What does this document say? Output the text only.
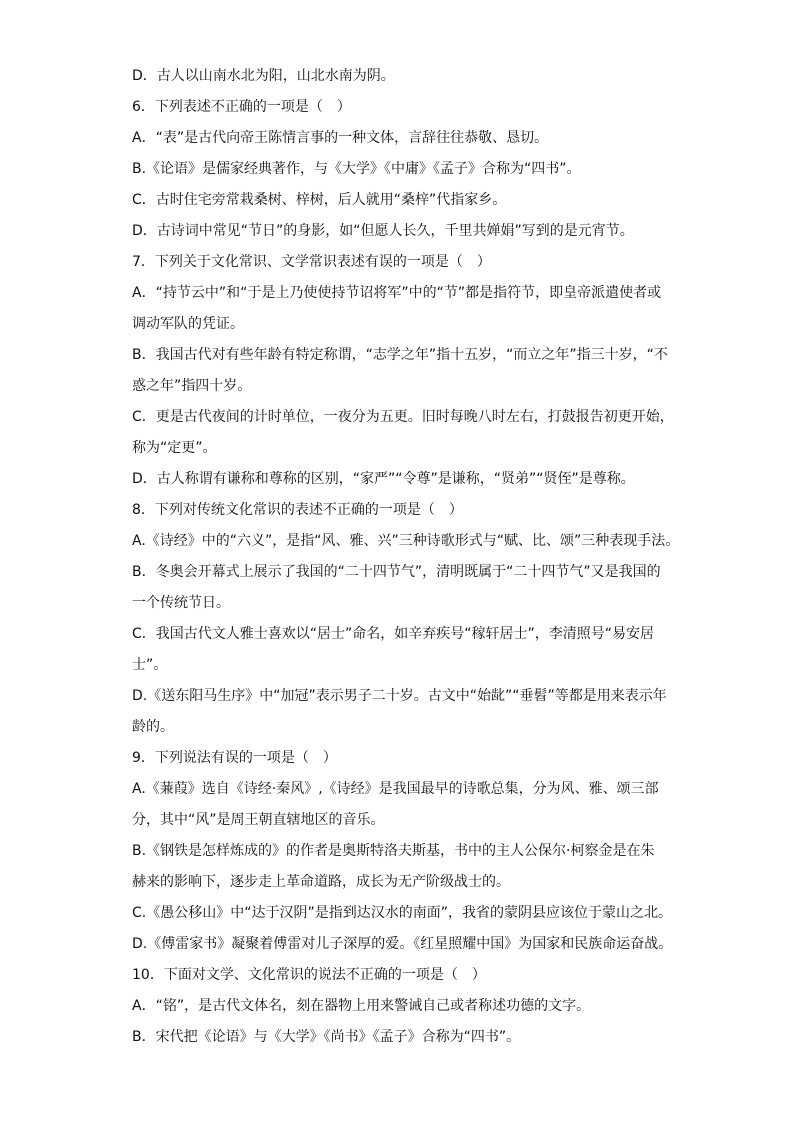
D．古人以山南水北为阳，山北水南为阴。
6．下列表述不正确的一项是（　）
A．“表”是古代向帝王陈情言事的一种文体，言辞往往恭敬、恳切。
B.《论语》是儒家经典著作，与《大学》《中庸》《孟子》合称为“四书”。
C．古时住宅旁常栽桑树、梓树，后人就用“桑梓”代指家乡。
D．古诗词中常见“节日”的身影，如“但愿人长久，千里共婵娟”写到的是元宵节。
7．下列关于文化常识、文学常识表述有误的一项是（　）
A．“持节云中”和“于是上乃使使持节诏将军”中的“节”都是指符节，即皇帝派遣使者或
调动军队的凭证。
B．我国古代对有些年龄有特定称谓，“志学之年”指十五岁，“而立之年”指三十岁，“不
惑之年”指四十岁。
C．更是古代夜间的计时单位，一夜分为五更。旧时每晚八时左右，打鼓报告初更开始，
称为“定更”。
D．古人称谓有谦称和尊称的区别，“家严”“令尊”是谦称，“贤弟”“贤侄”是尊称。
8．下列对传统文化常识的表述不正确的一项是（　）
A.《诗经》中的“六义”，是指“风、雅、兴”三种诗歌形式与“赋、比、颂”三种表现手法。
B．冬奥会开幕式上展示了我国的“二十四节气”，清明既属于“二十四节气”又是我国的
一个传统节日。
C．我国古代文人雅士喜欢以“居士”命名，如辛弃疾号“稼轩居士”，李清照号“易安居
士”。
D.《送东阳马生序》中“加冠”表示男子二十岁。古文中“始龀”“垂髫”等都是用来表示年
龄的。
9．下列说法有误的一项是（　）
A.《蒹葭》选自《诗经·秦风》,《诗经》是我国最早的诗歌总集，分为风、雅、颂三部
分，其中“风”是周王朝直辖地区的音乐。
B.《钢铁是怎样炼成的》的作者是奥斯特洛夫斯基，书中的主人公保尔·柯察金是在朱
赫来的影响下，逐步走上革命道路，成长为无产阶级战士的。
C.《愚公移山》中“达于汉阴”是指到达汉水的南面”，我省的蒙阴县应该位于蒙山之北。
D.《傅雷家书》凝聚着傅雷对儿子深厚的爱。《红星照耀中国》为国家和民族命运奋战。
10．下面对文学、文化常识的说法不正确的一项是（　）
A．“铭”，是古代文体名，刻在器物上用来警诫自己或者称述功德的文字。
B．宋代把《论语》与《大学》《尚书》《孟子》合称为“四书”。
